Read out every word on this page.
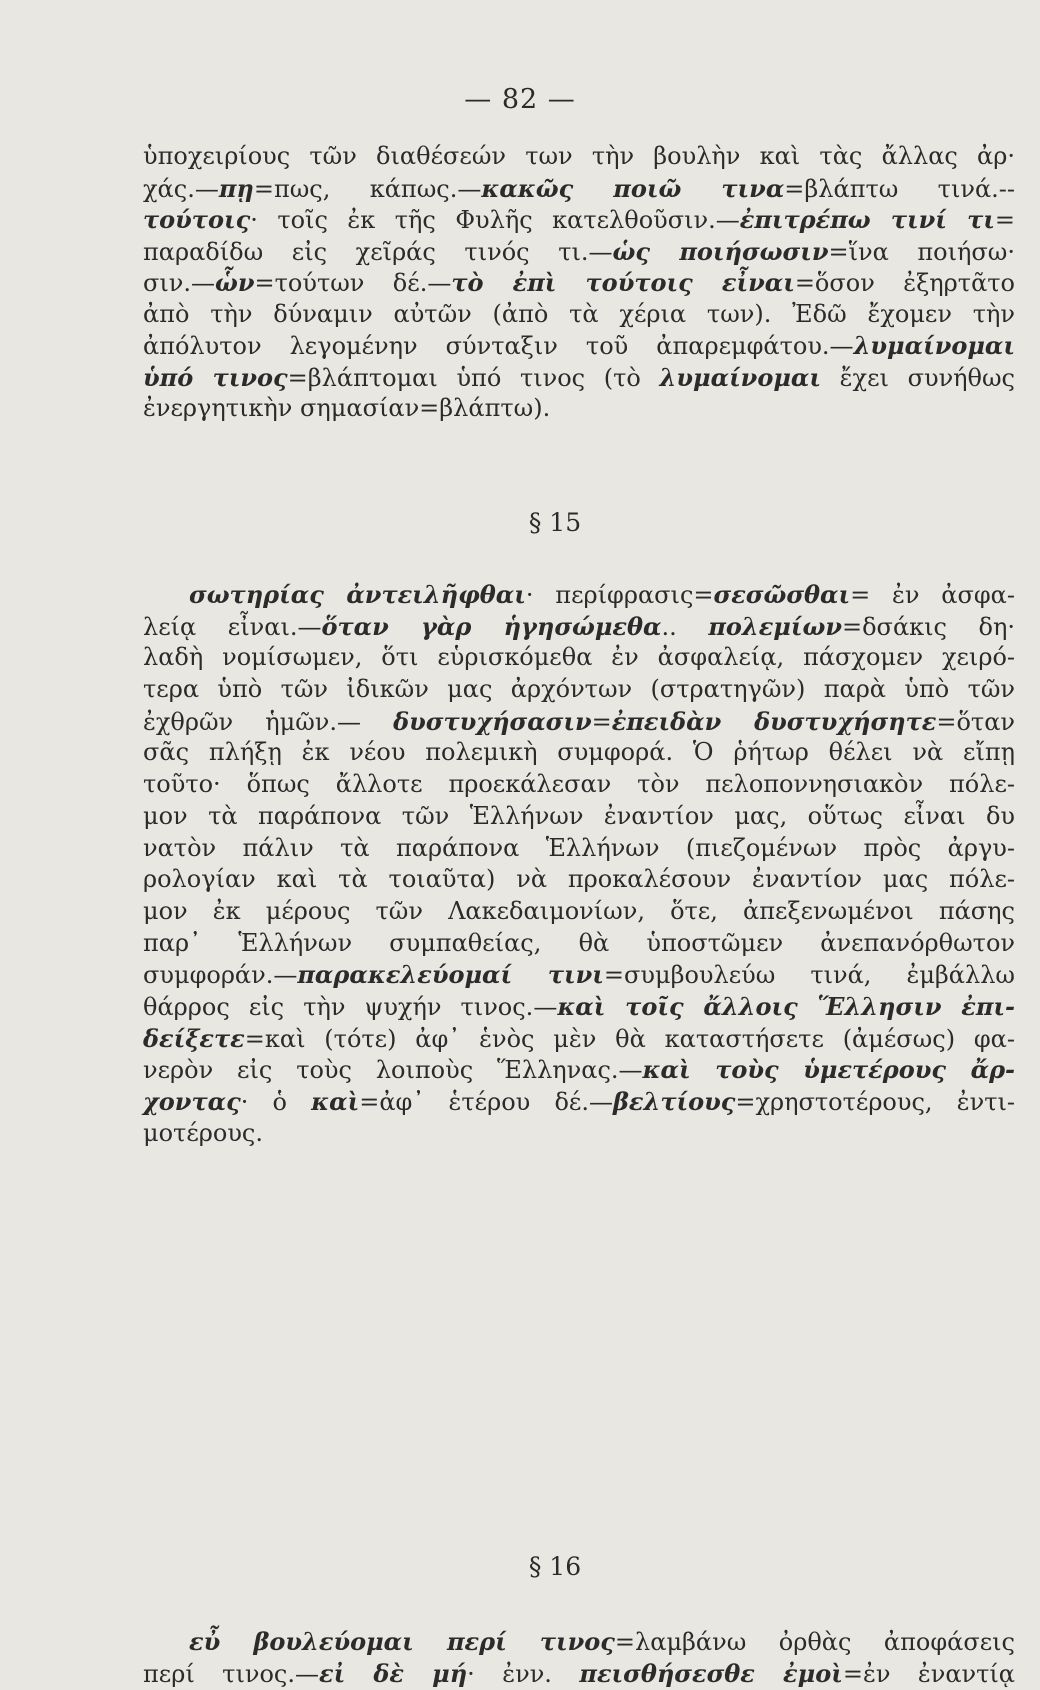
— 82 —
ὑποχειρίους τῶν διαθέσεών των τὴν βουλὴν καὶ τὰς ἄλλας ἀρ·
χάς.—πῃ=πως, κάπως.—κακῶς ποιῶ τινα=βλάπτω τινά.--
τούτοις· τοῖς ἐκ τῆς Φυλῆς κατελθοῦσιν.—ἐπιτρέπω τινί τι=
παραδίδω εἰς χεῖράς τινός τι.—ὡς ποιήσωσιν=ἵνα ποιήσω·
σιν.—ὧν=τούτων δέ.—τὸ ἐπὶ τούτοις εἶναι=ὅσον ἐξηρτᾶτο
ἀπὸ τὴν δύναμιν αὐτῶν (ἀπὸ τὰ χέρια των). Ἐδῶ ἔχομεν τὴν
ἀπόλυτον λεγομένην σύνταξιν τοῦ ἀπαρεμφάτου.—λυμαίνομαι
ὑπό τινος=βλάπτομαι ὑπό τινος (τὸ λυμαίνομαι ἔχει συνήθως
ἐνεργητικὴν σημασίαν=βλάπτω).
§ 15
σωτηρίας ἀντειλῆφθαι· περίφρασις=σεσῶσθαι= ἐν ἀσφα-
λείᾳ εἶναι.—ὅταν γὰρ ἡγησώμεθα.. πολεμίων=δσάκις δη·
λαδὴ νομίσωμεν, ὅτι εὑρισκόμεθα ἐν ἀσφαλείᾳ, πάσχομεν χειρό-
τερα ὑπὸ τῶν ἰδικῶν μας ἀρχόντων (στρατηγῶν) παρὰ ὑπὸ τῶν
ἐχθρῶν ἡμῶν.— δυστυχήσασιν=ἐπειδὰν δυστυχήσητε=ὅταν
σᾶς πλήξῃ ἐκ νέου πολεμικὴ συμφορά. Ὁ ῥήτωρ θέλει νὰ εἴπῃ
τοῦτο· ὅπως ἄλλοτε προεκάλεσαν τὸν πελοποννησιακὸν πόλε-
μον τὰ παράπονα τῶν Ἑλλήνων ἐναντίον μας, οὕτως εἶναι δυ
νατὸν πάλιν τὰ παράπονα Ἑλλήνων (πιεζομένων πρὸς ἀργυ-
ρολογίαν καὶ τὰ τοιαῦτα) νὰ προκαλέσουν ἐναντίον μας πόλε-
μον ἐκ μέρους τῶν Λακεδαιμονίων, ὅτε, ἀπεξενωμένοι πάσης
παρ᾽ Ἑλλήνων συμπαθείας, θὰ ὑποστῶμεν ἀνεπανόρθωτον
συμφοράν.—παρακελεύομαί τινι=συμβουλεύω τινά, ἐμβάλλω
θάρρος εἰς τὴν ψυχήν τινος.—καὶ τοῖς ἄλλοις Ἕλλησιν ἐπι-
δείξετε=καὶ (τότε) ἀφ᾽ ἑνὸς μὲν θὰ καταστήσετε (ἀμέσως) φα-
νερὸν εἰς τοὺς λοιποὺς Ἕλληνας.—καὶ τοὺς ὑμετέρους ἄρ-
χοντας· ὁ καὶ=ἀφ᾽ ἑτέρου δέ.—βελτίους=χρηστοτέρους, ἐντι-
μοτέρους.
§ 16
εὖ βουλεύομαι περί τινος=λαμβάνω ὀρθὰς ἀποφάσεις
περί τινος.—εἰ δὲ μή· ἐνν. πεισθήσεσθε ἐμοὶ=ἐν ἐναντίᾳ
